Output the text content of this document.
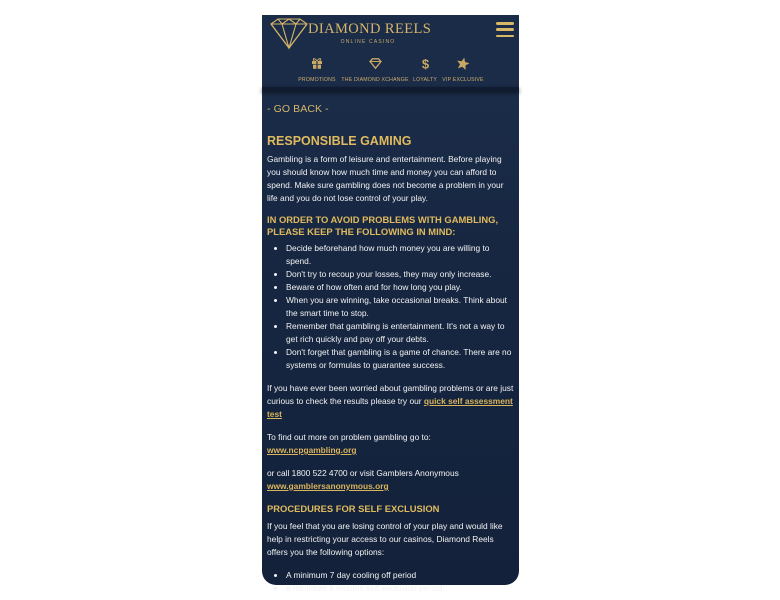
DIAMOND REELS
ONLINE CASINO
PROMOTIONS THE DIAMOND XCHANGE
$
LOYALTY	VIP EXCLUSIVE
- GO BACK -
RESPONSIBLE GAMING

Gambling is a form of leisure and entertainment. Before playing you should know how much time and money you can afford to spend. Make sure gambling does not become a problem in your life and you do not lose control of your play.

IN ORDER TO AVOID PROBLEMS WITH GAMBLING, PLEASE KEEP THE FOLLOWING IN MIND:
• Decide beforehand how much money you are willing to spend.
• Don't try to recoup your losses, they may only increase.
• Beware of how often and for how long you play.
• When you are winning, take occasional breaks. Think about the smart time to stop.
• Remember that gambling is entertainment. It's not a way to get rich quickly and pay off your debts.
• Don't forget that gambling is a game of chance. There are no systems or formulas to guarantee success.

If you have ever been worried about gambling problems or are just curious to check the results please try our quick self assessment test

To find out more on problem gambling go to:
www.ncpgambling.org

or call 1800 522 4700 or visit Gamblers Anonymous
www.gamblersanonymous.org

PROCEDURES FOR SELF EXCLUSION

If you feel that you are losing control of your play and would like help in restricting your access to our casinos, Diamond Reels offers you the following options:

• A minimum 7 day cooling off period
• a minimum 6 months self-exclusion period;
